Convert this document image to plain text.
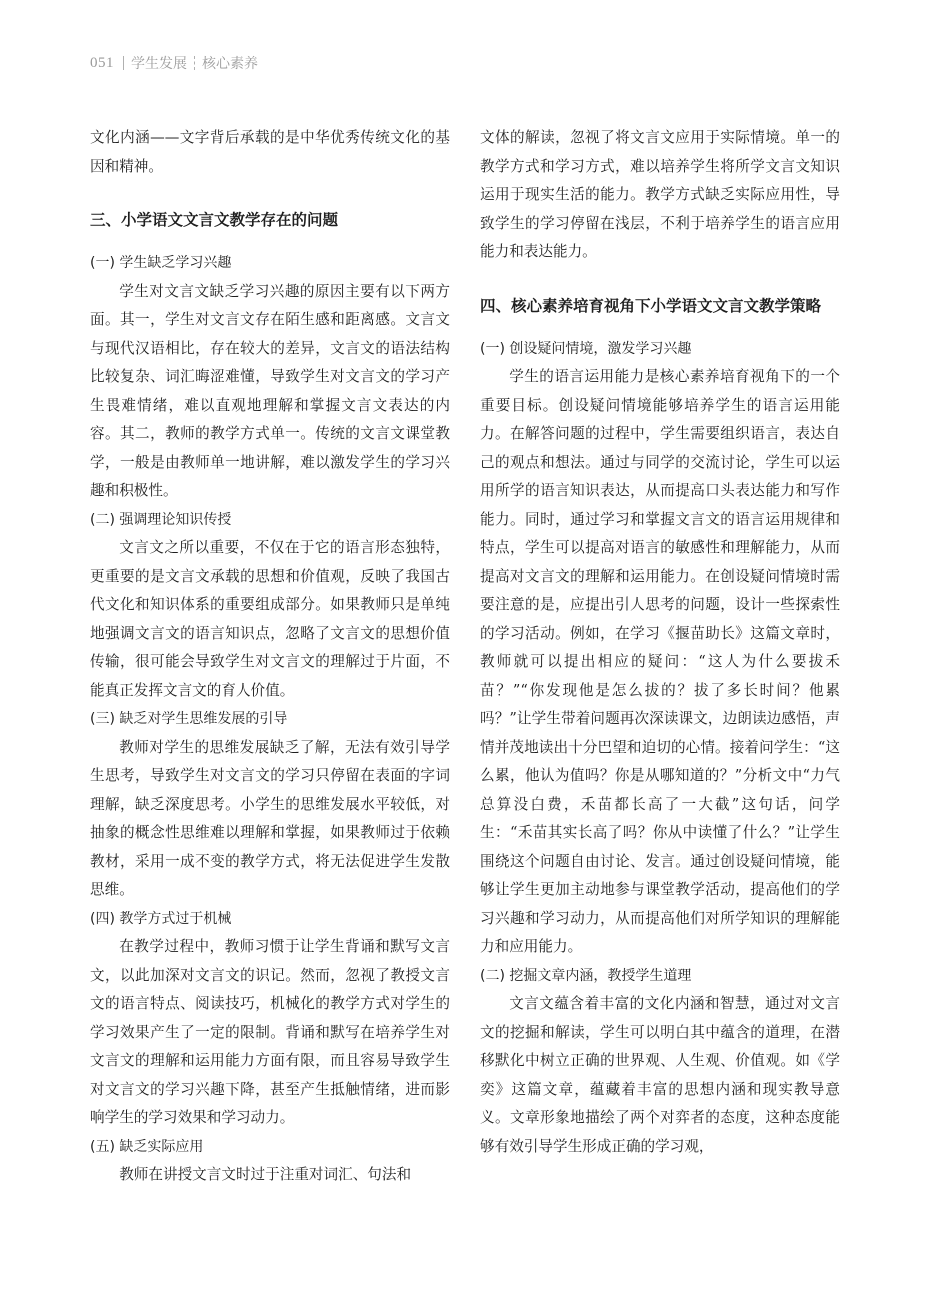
051 学生发展 核心素养

文化内涵——文字背后承载的是中华优秀传统文化的基因和精神。

三、小学语文文言文教学存在的问题
(一) 学生缺乏学习兴趣

学生对文言文缺乏学习兴趣的原因主要有以下两方面。其一，学生对文言文存在陌生感和距离感。文言文与现代汉语相比，存在较大的差异，文言文的语法结构比较复杂、词汇晦涩难懂，导致学生对文言文的学习产生畏难情绪，难以直观地理解和掌握文言文表达的内容。其二，教师的教学方式单一。传统的文言文课堂教学，一般是由教师单一地讲解，难以激发学生的学习兴趣和积极性。

(二) 强调理论知识传授

文言文之所以重要，不仅在于它的语言形态独特，更重要的是文言文承载的思想和价值观，反映了我国古代文化和知识体系的重要组成部分。如果教师只是单纯地强调文言文的语言知识点，忽略了文言文的思想价值传输，很可能会导致学生对文言文的理解过于片面，不能真正发挥文言文的育人价值。

(三) 缺乏对学生思维发展的引导

教师对学生的思维发展缺乏了解，无法有效引导学生思考，导致学生对文言文的学习只停留在表面的字词理解，缺乏深度思考。小学生的思维发展水平较低，对抽象的概念性思维难以理解和掌握，如果教师过于依赖教材，采用一成不变的教学方式，将无法促进学生发散思维。

(四) 教学方式过于机械

在教学过程中，教师习惯于让学生背诵和默写文言文，以此加深对文言文的识记。然而，忽视了教授文言文的语言特点、阅读技巧，机械化的教学方式对学生的学习效果产生了一定的限制。背诵和默写在培养学生对文言文的理解和运用能力方面有限，而且容易导致学生对文言文的学习兴趣下降，甚至产生抵触情绪，进而影响学生的学习效果和学习动力。

(五) 缺乏实际应用

教师在讲授文言文时过于注重对词汇、句法和

文体的解读，忽视了将文言文应用于实际情境。单一的教学方式和学习方式，难以培养学生将所学文言文知识运用于现实生活的能力。教学方式缺乏实际应用性，导致学生的学习停留在浅层，不利于培养学生的语言应用能力和表达能力。

四、核心素养培育视角下小学语文文言文教学策略
(一) 创设疑问情境，激发学习兴趣

学生的语言运用能力是核心素养培育视角下的一个重要目标。创设疑问情境能够培养学生的语言运用能力。在解答问题的过程中，学生需要组织语言，表达自己的观点和想法。通过与同学的交流讨论，学生可以运用所学的语言知识表达，从而提高口头表达能力和写作能力。同时，通过学习和掌握文言文的语言运用规律和特点，学生可以提高对语言的敏感性和理解能力，从而提高对文言文的理解和运用能力。在创设疑问情境时需要注意的是，应提出引人思考的问题，设计一些探索性的学习活动。例如，在学习《揠苗助长》这篇文章时，教师就可以提出相应的疑问：“这人为什么要拔禾苗？”“你发现他是怎么拔的？拔了多长时间？他累吗？”让学生带着问题再次深读课文，边朗读边感悟，声情并茂地读出十分巴望和迫切的心情。接着问学生：“这么累，他认为值吗？你是从哪知道的？”分析文中“力气总算没白费，禾苗都长高了一大截”这句话，问学生：“禾苗其实长高了吗？你从中读懂了什么？”让学生围绕这个问题自由讨论、发言。通过创设疑问情境，能够让学生更加主动地参与课堂教学活动，提高他们的学习兴趣和学习动力，从而提高他们对所学知识的理解能力和应用能力。

(二) 挖掘文章内涵，教授学生道理

文言文蕴含着丰富的文化内涵和智慧，通过对文言文的挖掘和解读，学生可以明白其中蕴含的道理，在潜移默化中树立正确的世界观、人生观、价值观。如《学奕》这篇文章，蕴藏着丰富的思想内涵和现实教导意义。文章形象地描绘了两个对弈者的态度，这种态度能够有效引导学生形成正确的学习观，
